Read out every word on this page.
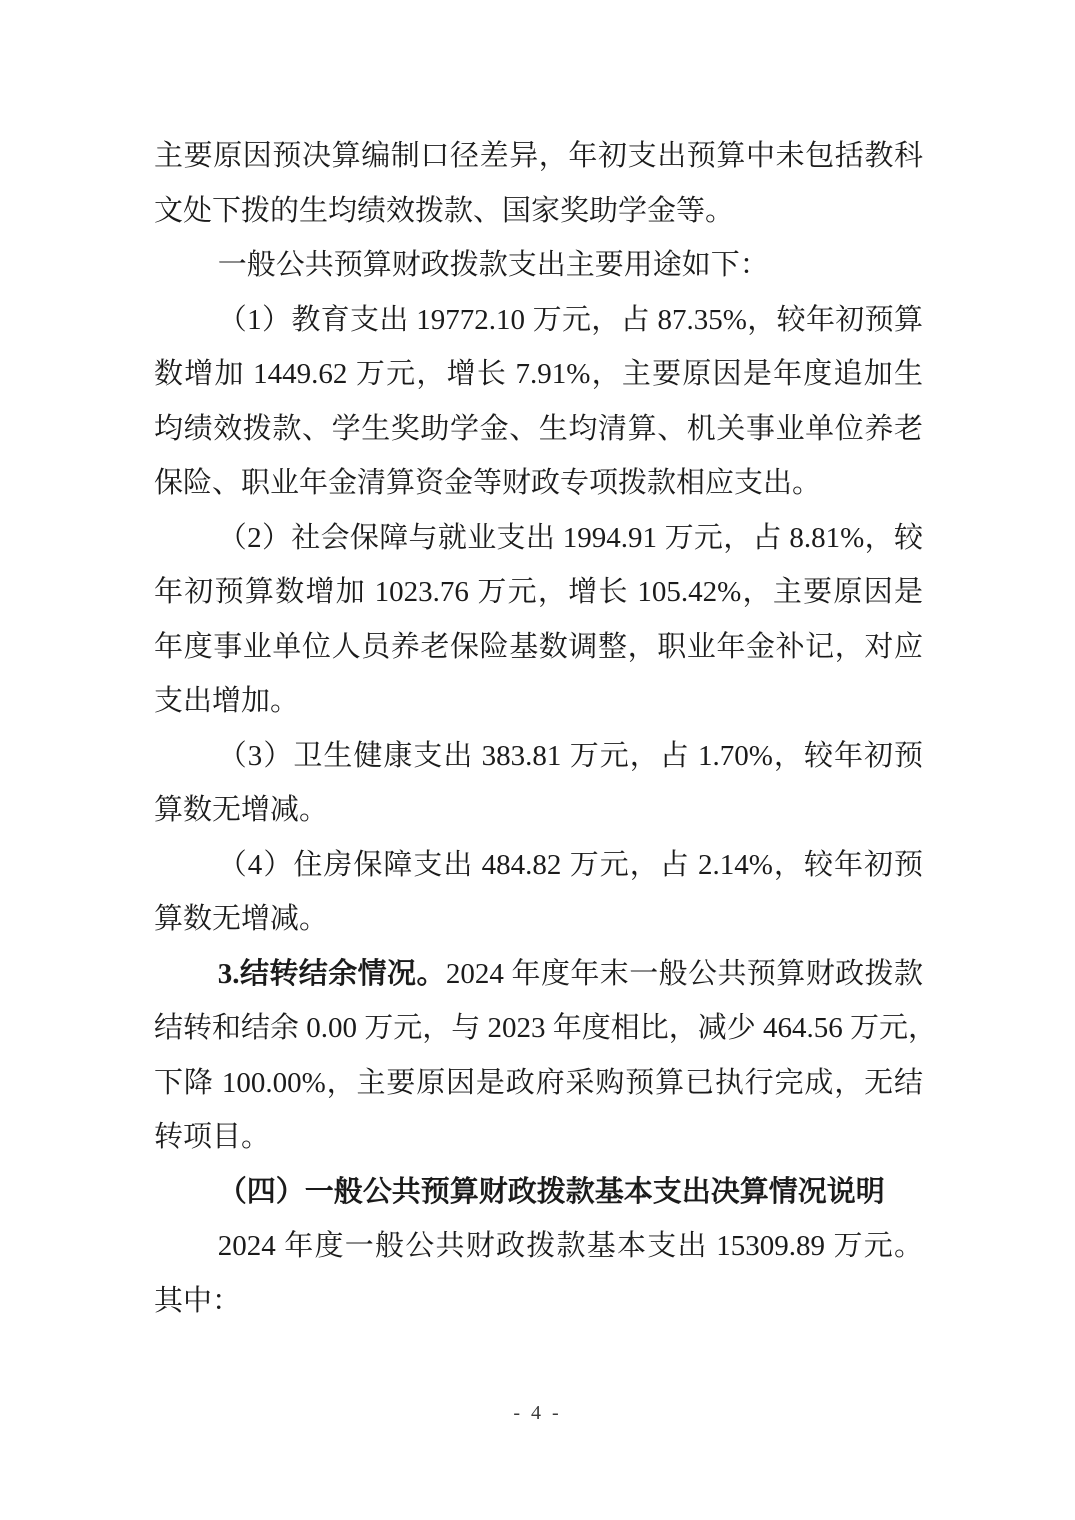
主要原因预决算编制口径差异，年初支出预算中未包括教科
文处下拨的生均绩效拨款、国家奖助学金等。
一般公共预算财政拨款支出主要用途如下：
（1）教育支出 19772.10 万元，占 87.35%，较年初预算
数增加 1449.62 万元，增长 7.91%，主要原因是年度追加生
均绩效拨款、学生奖助学金、生均清算、机关事业单位养老
保险、职业年金清算资金等财政专项拨款相应支出。
（2）社会保障与就业支出 1994.91 万元，占 8.81%，较
年初预算数增加 1023.76 万元，增长 105.42%，主要原因是
年度事业单位人员养老保险基数调整，职业年金补记，对应
支出增加。
（3）卫生健康支出 383.81 万元，占 1.70%，较年初预
算数无增减。
（4）住房保障支出 484.82 万元，占 2.14%，较年初预
算数无增减。
3.结转结余情况。2024 年度年末一般公共预算财政拨款
结转和结余 0.00 万元，与 2023 年度相比，减少 464.56 万元，
下降 100.00%，主要原因是政府采购预算已执行完成，无结
转项目。
（四）一般公共预算财政拨款基本支出决算情况说明
2024 年度一般公共财政拨款基本支出 15309.89 万元。
其中：
- 4 -
